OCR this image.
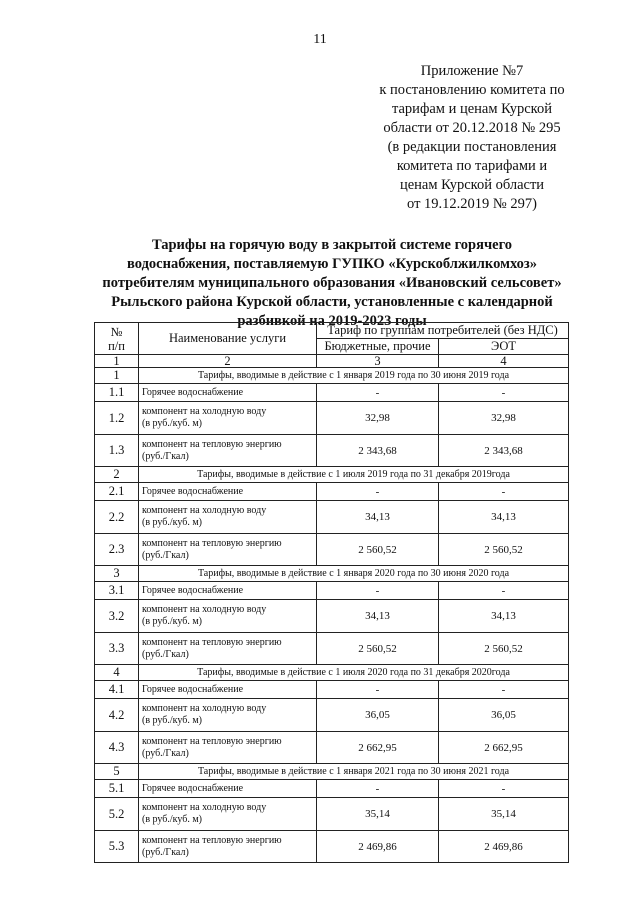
11
Приложение №7
к постановлению комитета по
тарифам и ценам Курской
области от 20.12.2018 № 295
(в редакции постановления
комитета по тарифами и
ценам Курской области
от 19.12.2019 № 297)
Тарифы на горячую воду в закрытой системе горячего
водоснабжения, поставляемую ГУПКО «Курскоблжилкомхоз»
потребителям муниципального образования «Ивановский сельсовет»
Рыльского района Курской области, установленные с календарной
разбивкой на 2019-2023 годы
№
п/п	Наименование услуги	Тариф по группам потребителей (без НДС)	
		Бюджетные, прочие	ЭОТ
1	2	3	4
1	Тарифы, вводимые в действие с 1 января 2019 года по 30 июня 2019 года		
1.1	Горячее водоснабжение	-	-
1.2	компонент на холодную воду
(в руб./куб. м)	32,98	32,98
1.3	компонент на тепловую энергию
(руб./Гкал)	2 343,68	2 343,68
2	Тарифы, вводимые в действие с 1 июля 2019 года по 31 декабря 2019года		
2.1	Горячее водоснабжение	-	-
2.2	компонент на холодную воду
(в руб./куб. м)	34,13	34,13
2.3	компонент на тепловую энергию
(руб./Гкал)	2 560,52	2 560,52
3	Тарифы, вводимые в действие с 1 января 2020 года по 30 июня 2020 года		
3.1	Горячее водоснабжение	-	-
3.2	компонент на холодную воду
(в руб./куб. м)	34,13	34,13
3.3	компонент на тепловую энергию
(руб./Гкал)	2 560,52	2 560,52
4	Тарифы, вводимые в действие с 1 июля 2020 года по 31 декабря 2020года		
4.1	Горячее водоснабжение	-	-
4.2	компонент на холодную воду
(в руб./куб. м)	36,05	36,05
4.3	компонент на тепловую энергию
(руб./Гкал)	2 662,95	2 662,95
5	Тарифы, вводимые в действие с 1 января 2021 года по 30 июня 2021 года		
5.1	Горячее водоснабжение	-	-
5.2	компонент на холодную воду
(в руб./куб. м)	35,14	35,14
5.3	компонент на тепловую энергию
(руб./Гкал)	2 469,86	2 469,86
